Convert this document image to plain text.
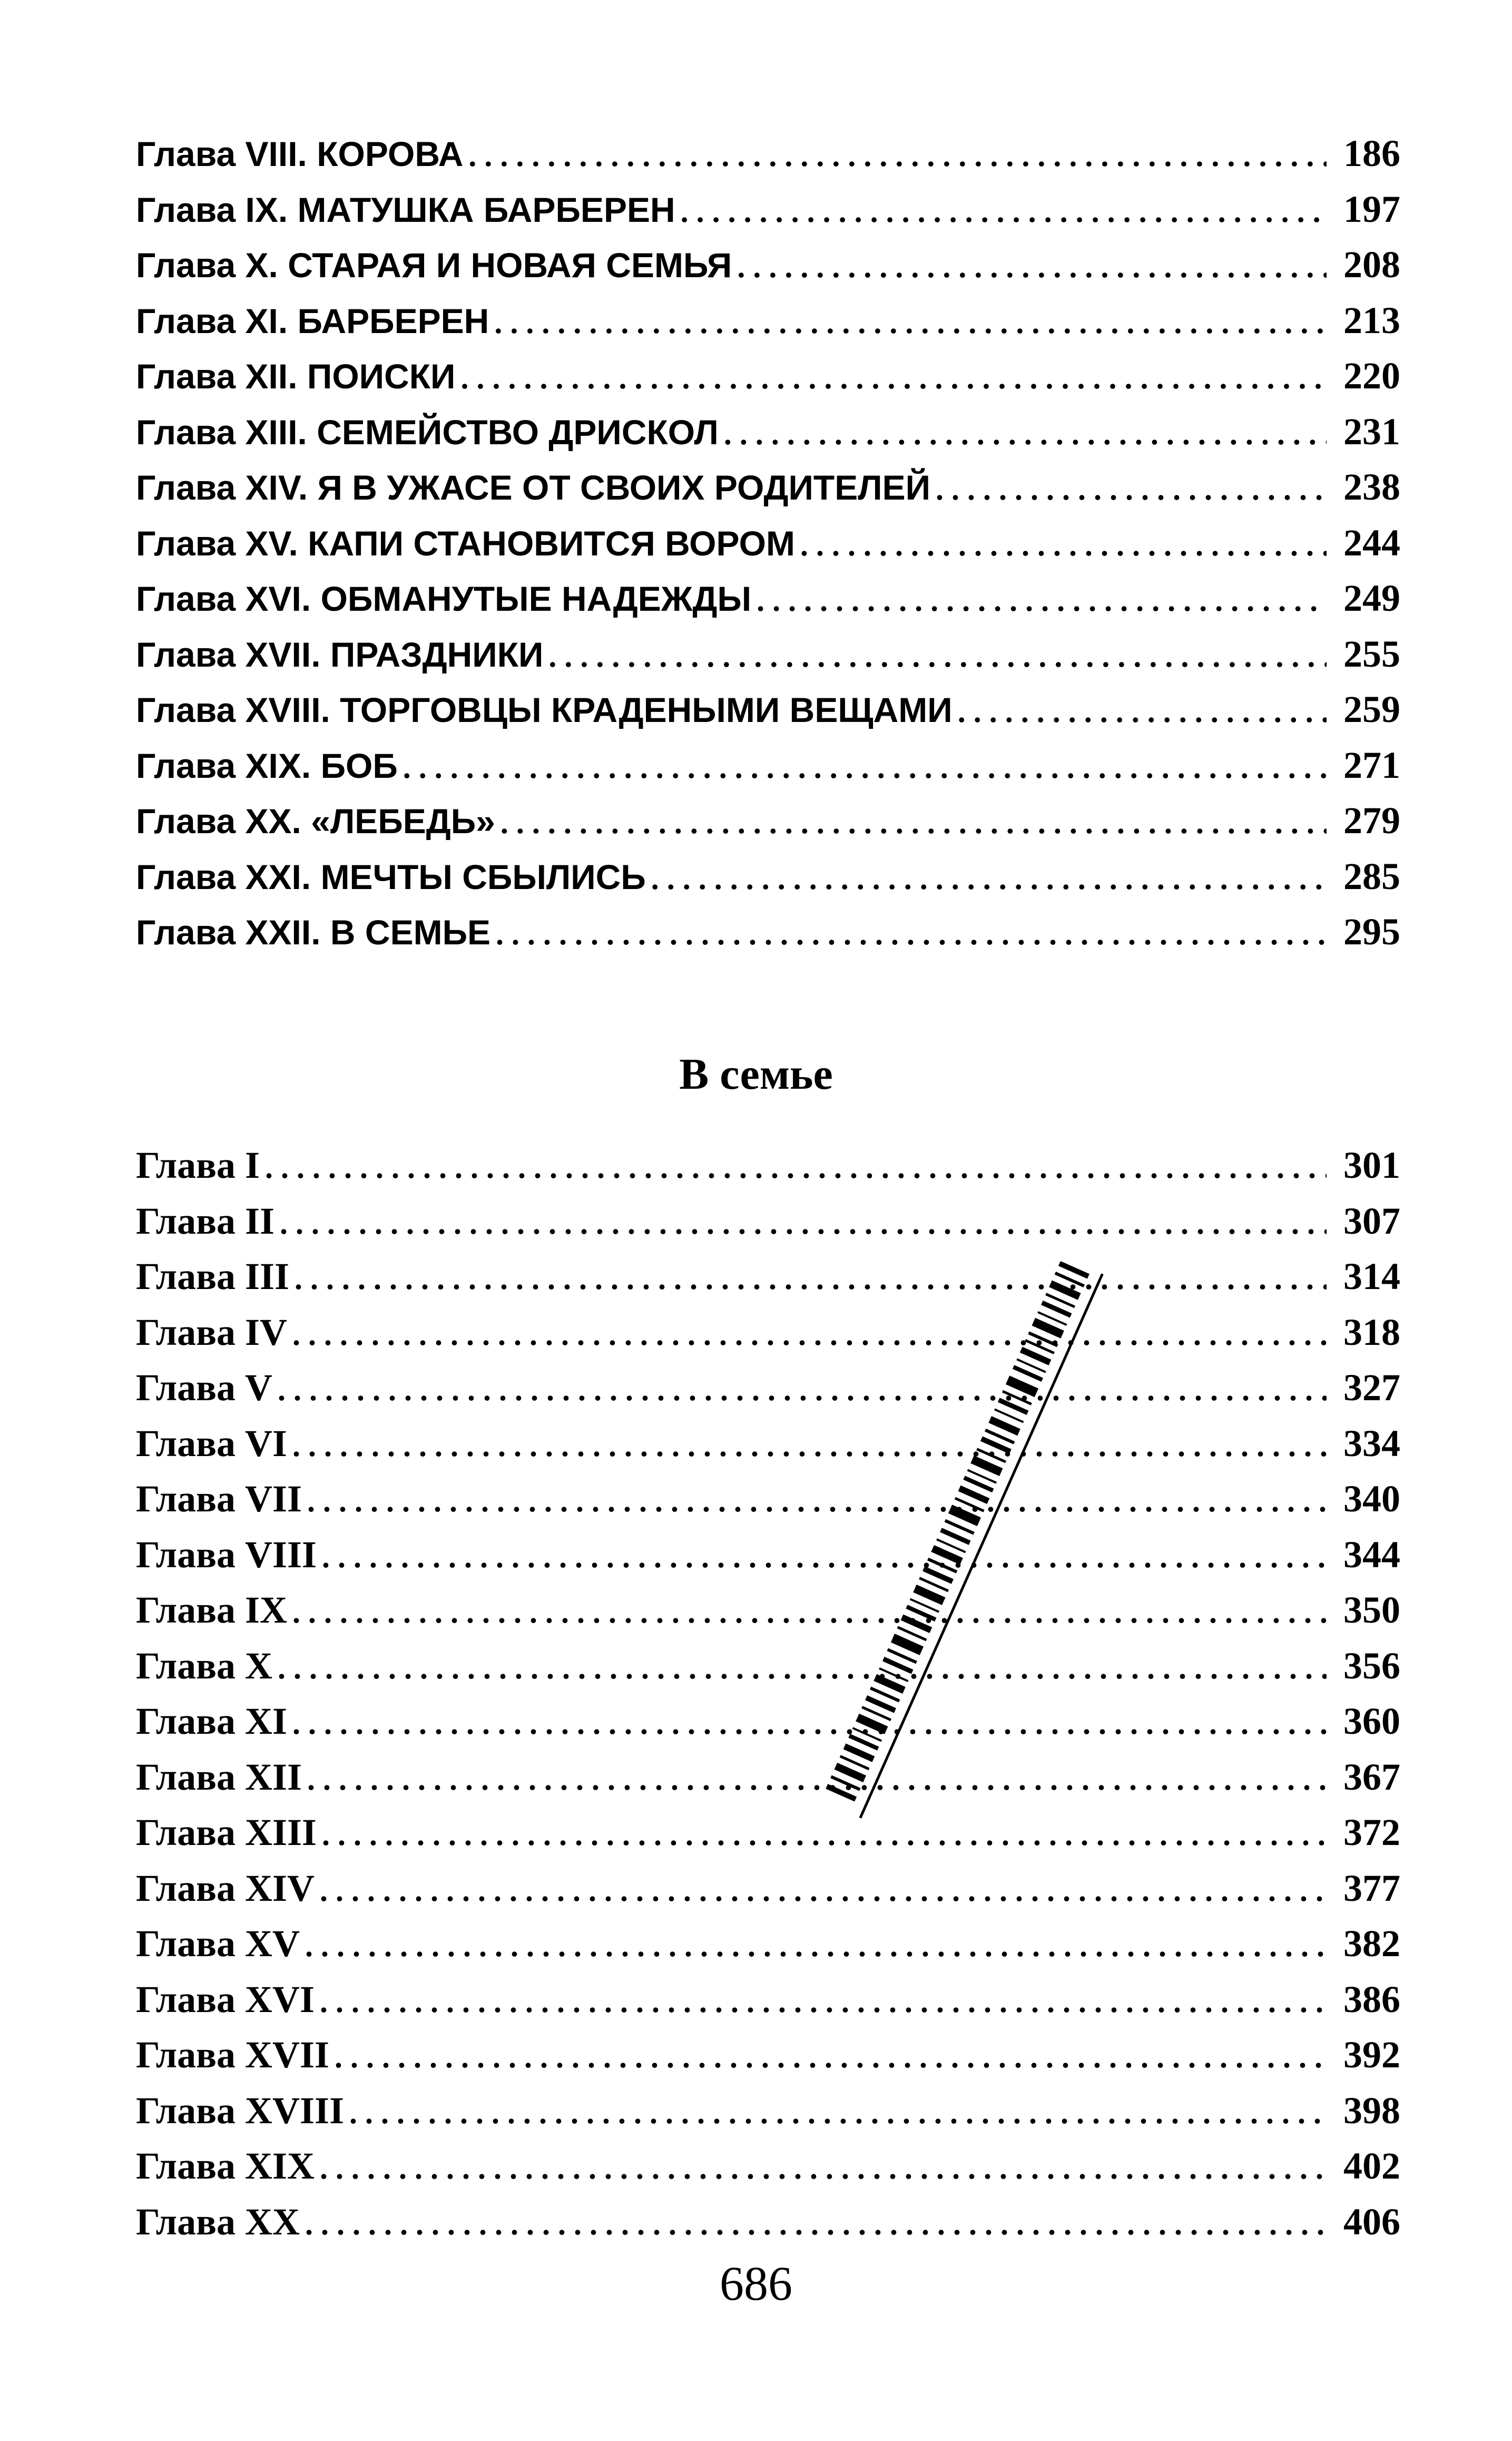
Глава VIII. КОРОВА . . .	186
Глава IX. МАТУШКА БАРБЕРЕН . . .	197
Глава X. СТАРАЯ И НОВАЯ СЕМЬЯ . . .	208
Глава XI. БАРБЕРЕН . . .	213
Глава XII. ПОИСКИ . . .	220
Глава XIII. СЕМЕЙСТВО ДРИСКОЛ . . .	231
Глава XIV. Я В УЖАСЕ ОТ СВОИХ РОДИТЕЛЕЙ . . .	238
Глава XV. КАПИ СТАНОВИТСЯ ВОРОМ . . .	244
Глава XVI. ОБМАНУТЫЕ НАДЕЖДЫ . . .	249
Глава XVII. ПРАЗДНИКИ . . .	255
Глава XVIII. ТОРГОВЦЫ КРАДЕНЫМИ ВЕЩАМИ . . .	259
Глава XIX. БОБ . . .	271
Глава XX. «ЛЕБЕДЬ» . . .	279
Глава XXI. МЕЧТЫ СБЫЛИСЬ . . .	285
Глава XXII. В СЕМЬЕ . . .	295
В семье
Глава I . . .	301
Глава II . . .	307
Глава III . . .	314
Глава IV . . .	318
Глава V . . .	327
Глава VI . . .	334
Глава VII . . .	340
Глава VIII . . .	344
Глава IX . . .	350
Глава X . . .	356
Глава XI . . .	360
Глава XII . . .	367
Глава XIII . . .	372
Глава XIV . . .	377
Глава XV . . .	382
Глава XVI . . .	386
Глава XVII . . .	392
Глава XVIII . . .	398
Глава XIX . . .	402
Глава XX . . .	406
686
